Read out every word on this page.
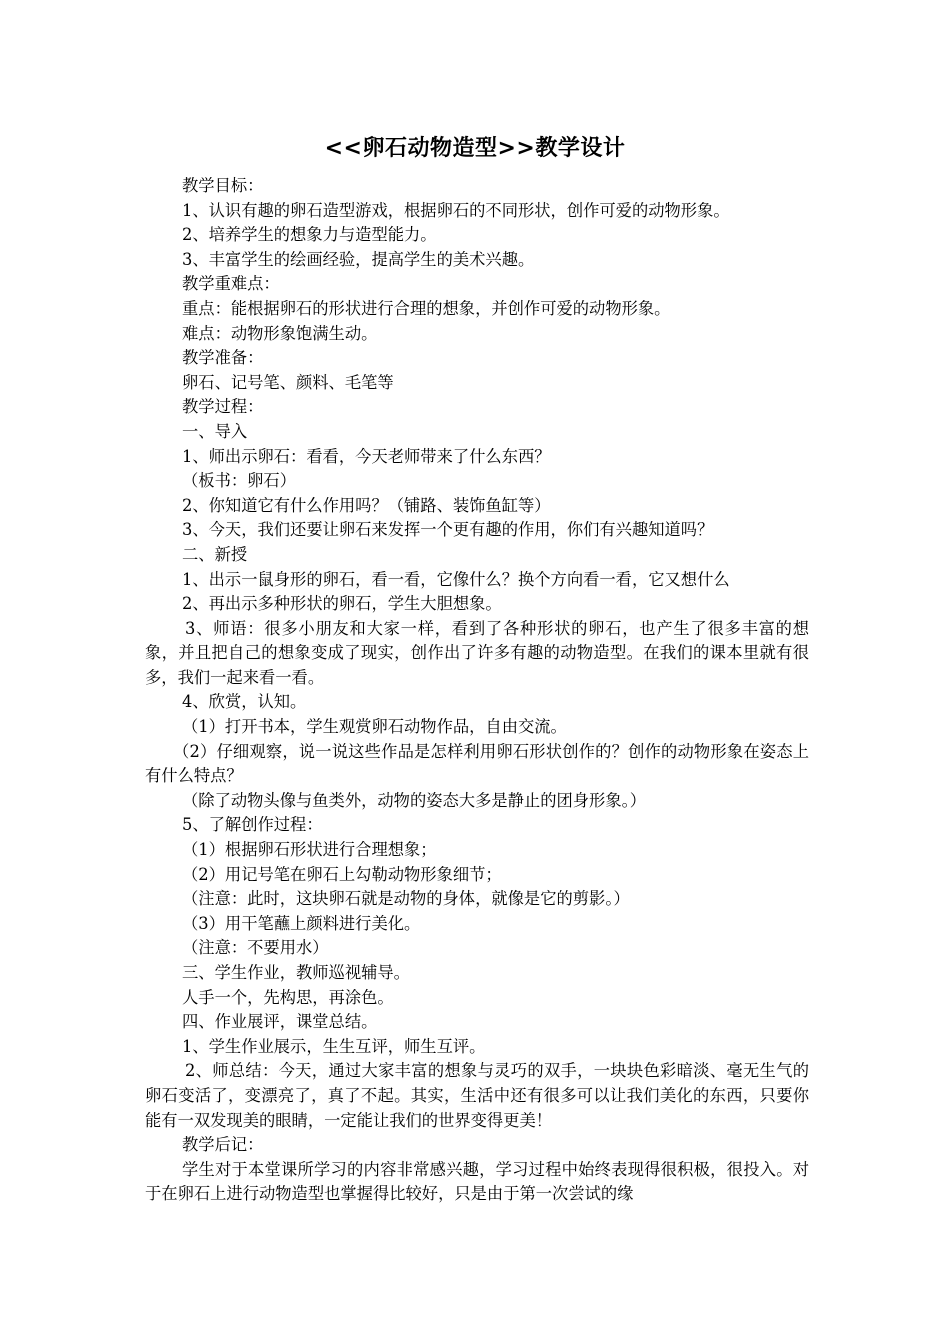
<<卵石动物造型>>教学设计

教学目标：

1、认识有趣的卵石造型游戏，根据卵石的不同形状，创作可爱的动物形象。

2、培养学生的想象力与造型能力。

3、丰富学生的绘画经验，提高学生的美术兴趣。

教学重难点：

重点：能根据卵石的形状进行合理的想象，并创作可爱的动物形象。

难点：动物形象饱满生动。

教学准备：

卵石、记号笔、颜料、毛笔等

教学过程：

一、导入

1、师出示卵石：看看，今天老师带来了什么东西？

（板书：卵石）

2、你知道它有什么作用吗？（铺路、装饰鱼缸等）

3、今天，我们还要让卵石来发挥一个更有趣的作用，你们有兴趣知道吗？

二、新授

1、出示一鼠身形的卵石，看一看，它像什么？换个方向看一看，它又想什么

2、再出示多种形状的卵石，学生大胆想象。

3、师语：很多小朋友和大家一样，看到了各种形状的卵石，也产生了很多丰富的想象，并且把自己的想象变成了现实，创作出了许多有趣的动物造型。在我们的课本里就有很多，我们一起来看一看。

4、欣赏，认知。

（1）打开书本，学生观赏卵石动物作品，自由交流。

（2）仔细观察，说一说这些作品是怎样利用卵石形状创作的？创作的动物形象在姿态上有什么特点？

（除了动物头像与鱼类外，动物的姿态大多是静止的团身形象。）

5、了解创作过程：

（1）根据卵石形状进行合理想象；

（2）用记号笔在卵石上勾勒动物形象细节；

（注意：此时，这块卵石就是动物的身体，就像是它的剪影。）

（3）用干笔蘸上颜料进行美化。

（注意：不要用水）

三、学生作业，教师巡视辅导。

人手一个，先构思，再涂色。

四、作业展评，课堂总结。

1、学生作业展示，生生互评，师生互评。

2、师总结：今天，通过大家丰富的想象与灵巧的双手，一块块色彩暗淡、毫无生气的卵石变活了，变漂亮了，真了不起。其实，生活中还有很多可以让我们美化的东西，只要你能有一双发现美的眼睛，一定能让我们的世界变得更美！

教学后记：

学生对于本堂课所学习的内容非常感兴趣，学习过程中始终表现得很积极，很投入。对于在卵石上进行动物造型也掌握得比较好，只是由于第一次尝试的缘
